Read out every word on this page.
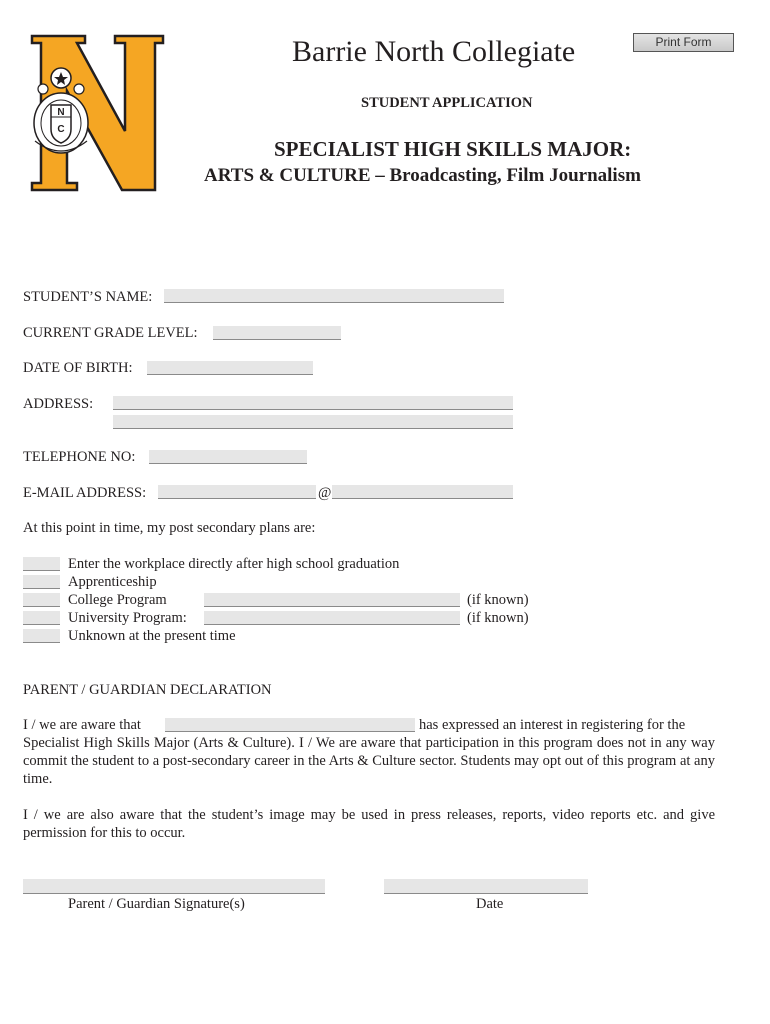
N
C
Print Form
Barrie North Collegiate
STUDENT APPLICATION
SPECIALIST HIGH SKILLS MAJOR:
ARTS & CULTURE – Broadcasting, Film Journalism
STUDENT’S NAME:
CURRENT GRADE LEVEL:
DATE OF BIRTH:
ADDRESS:
TELEPHONE NO:
E-MAIL ADDRESS:	@
At this point in time, my post secondary plans are:
Enter the workplace directly after high school graduation
Apprenticeship
College Program	(if known)
University Program:	(if known)
Unknown at the present time
PARENT / GUARDIAN DECLARATION
I / we are aware that	has expressed an interest in registering for the
Specialist High Skills Major (Arts & Culture). I / We are aware that participation in this program does not in any way commit the student to a post-secondary career in the Arts & Culture sector. Students may opt out of this program at any time.
I / we are also aware that the student’s image may be used in press releases, reports, video reports etc. and give permission for this to occur.
Parent / Guardian Signature(s)	Date
